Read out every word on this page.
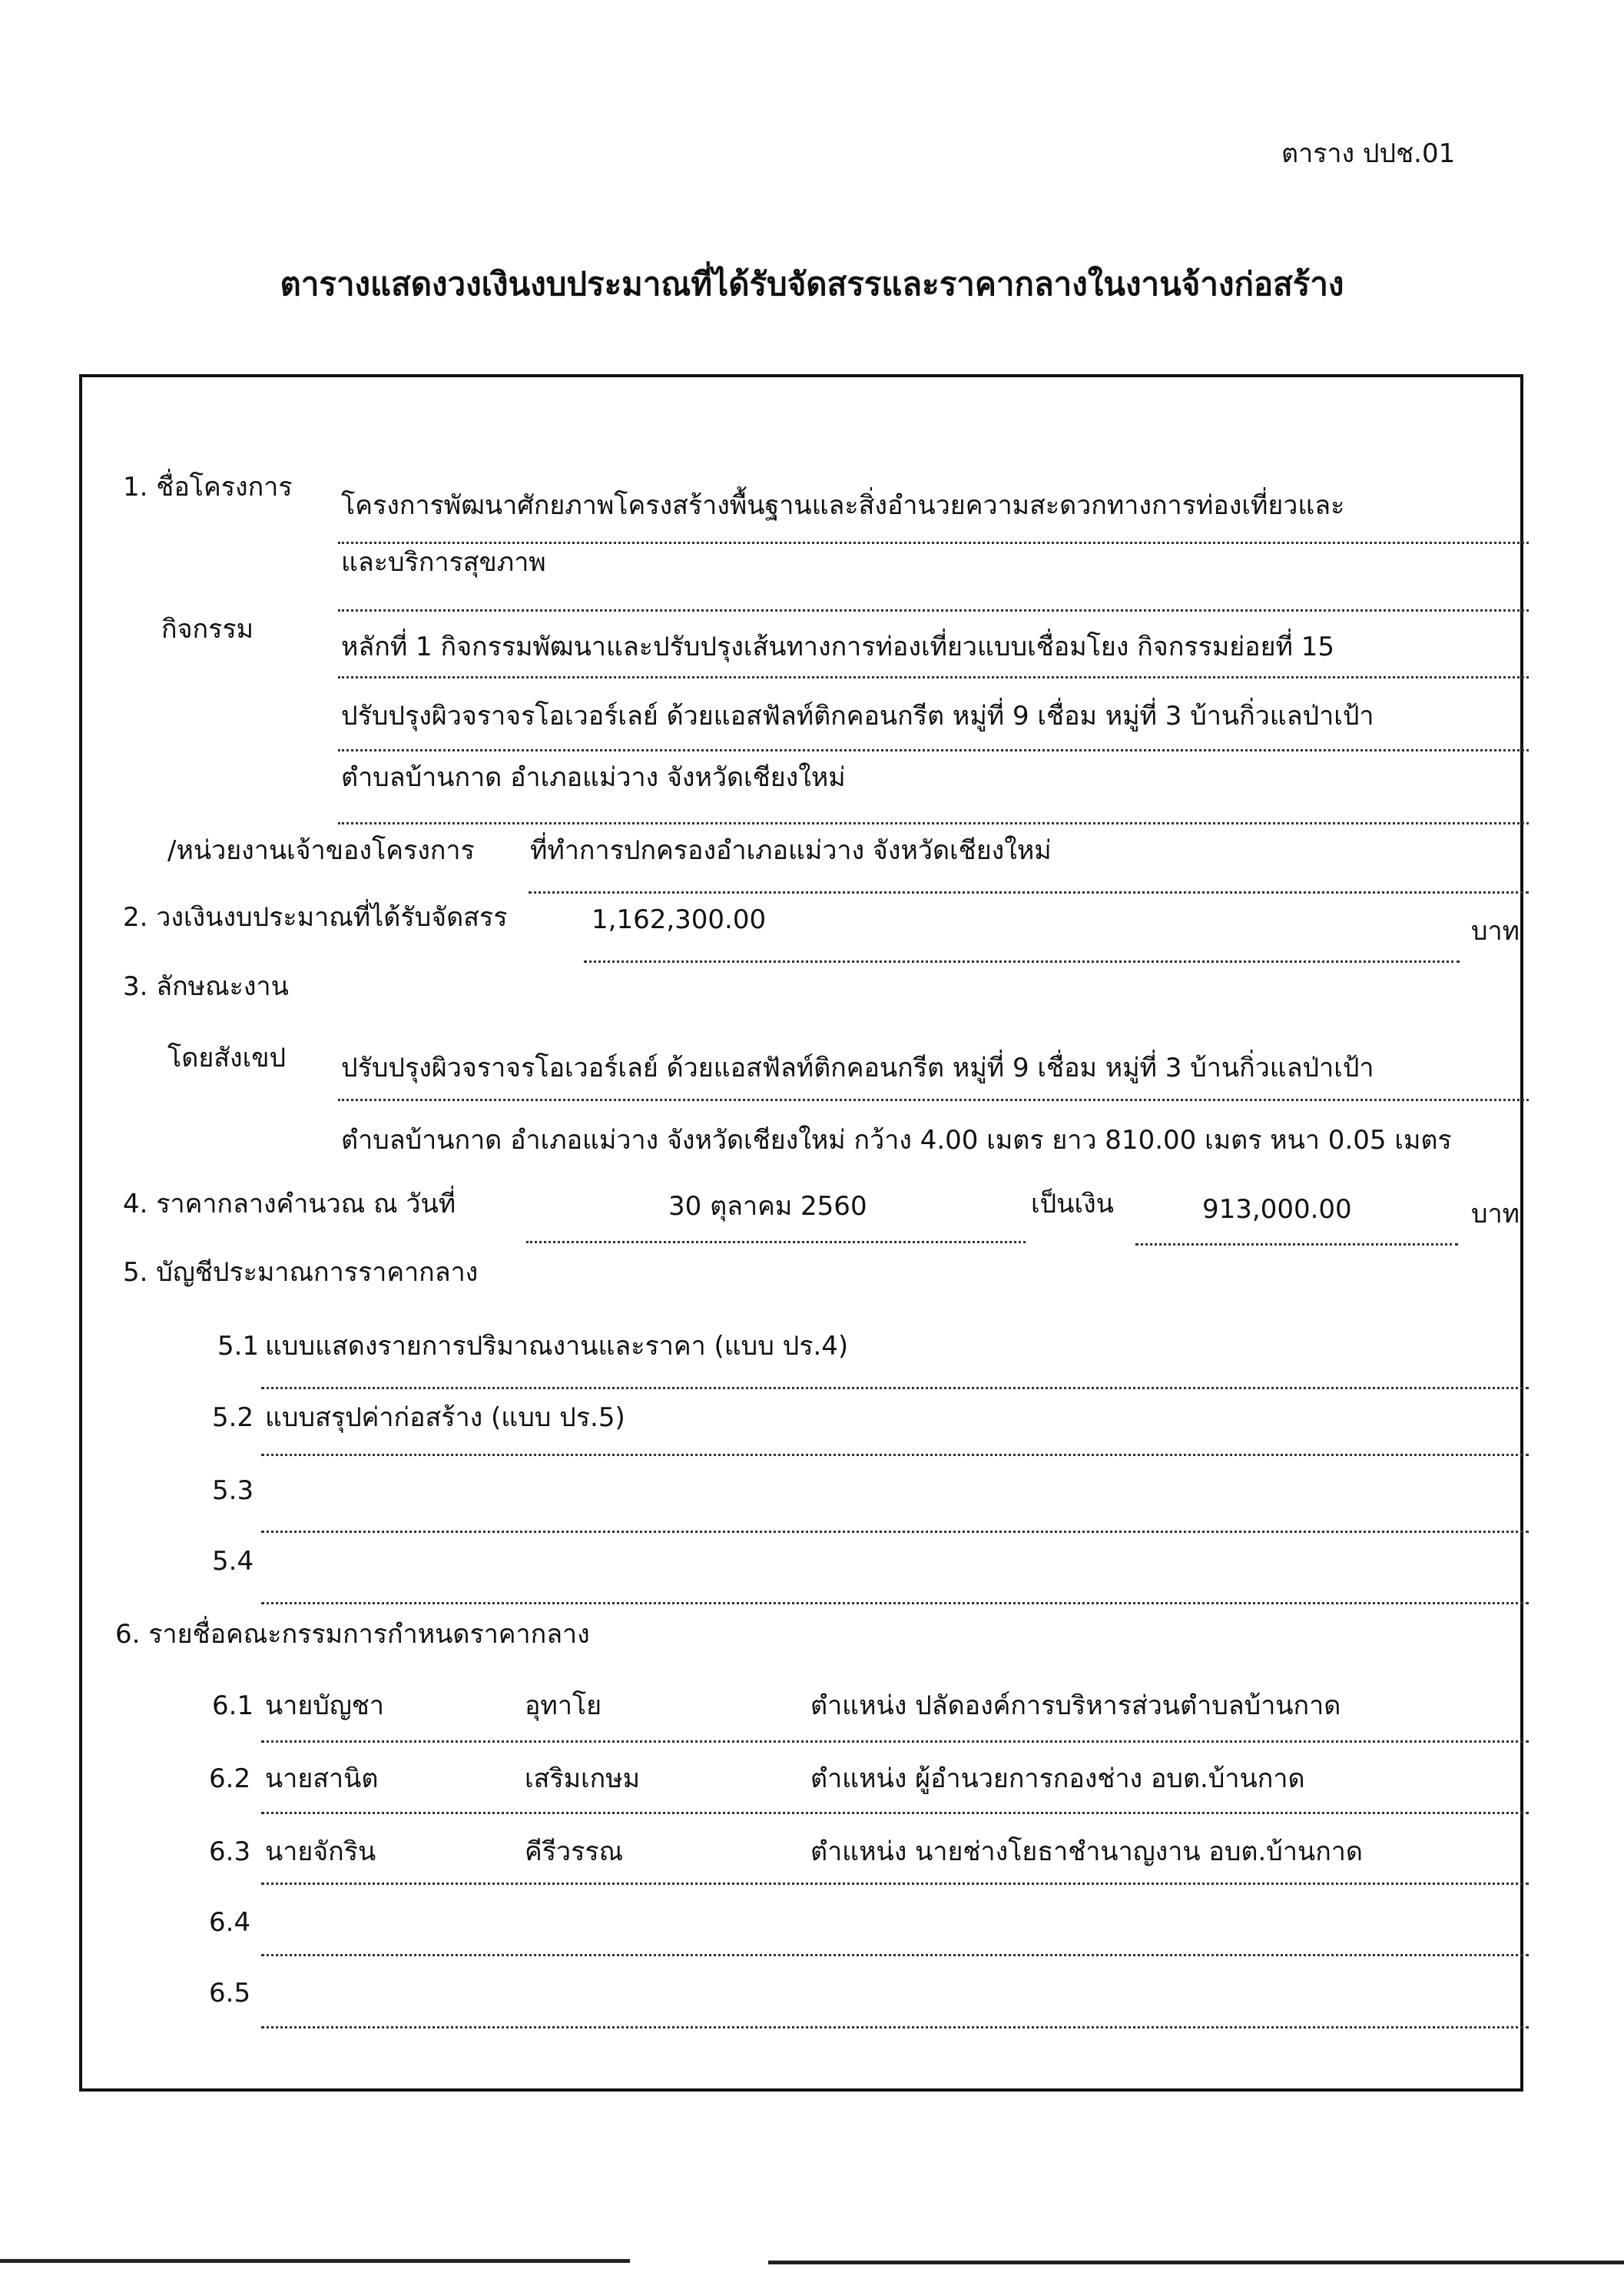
ตาราง ปปช.01
ตารางแสดงวงเงินงบประมาณที่ได้รับจัดสรรและราคากลางในงานจ้างก่อสร้าง
1. ชื่อโครงการ
โครงการพัฒนาศักยภาพโครงสร้างพื้นฐานและสิ่งอำนวยความสะดวกทางการท่องเที่ยวและ
และบริการสุขภาพ
กิจกรรม
หลักที่ 1 กิจกรรมพัฒนาและปรับปรุงเส้นทางการท่องเที่ยวแบบเชื่อมโยง กิจกรรมย่อยที่ 15
ปรับปรุงผิวจราจรโอเวอร์เลย์ ด้วยแอสฟัลท์ติกคอนกรีต หมู่ที่ 9 เชื่อม หมู่ที่ 3 บ้านกิ่วแลป่าเป้า
ตำบลบ้านกาด อำเภอแม่วาง จังหวัดเชียงใหม่
/หน่วยงานเจ้าของโครงการ ที่ทำการปกครองอำเภอแม่วาง จังหวัดเชียงใหม่
2. วงเงินงบประมาณที่ได้รับจัดสรร	1,162,300.00	บาท
3. ลักษณะงาน
โดยสังเขป ปรับปรุงผิวจราจรโอเวอร์เลย์ ด้วยแอสฟัลท์ติกคอนกรีต หมู่ที่ 9 เชื่อม หมู่ที่ 3 บ้านกิ่วแลป่าเป้า
ตำบลบ้านกาด อำเภอแม่วาง จังหวัดเชียงใหม่ กว้าง 4.00 เมตร ยาว 810.00 เมตร หนา 0.05 เมตร
4. ราคากลางคำนวณ ณ วันที่	30 ตุลาคม 2560	เป็นเงิน	913,000.00	บาท
5. บัญชีประมาณการราคากลาง
5.1 แบบแสดงรายการปริมาณงานและราคา (แบบ ปร.4)
5.2 แบบสรุปค่าก่อสร้าง (แบบ ปร.5)
5.3
5.4
6. รายชื่อคณะกรรมการกำหนดราคากลาง
6.1 นายบัญชา	อุทาโย	ตำแหน่ง ปลัดองค์การบริหารส่วนตำบลบ้านกาด
6.2 นายสานิต	เสริมเกษม	ตำแหน่ง ผู้อำนวยการกองช่าง อบต.บ้านกาด
6.3 นายจักริน	คีรีวรรณ	ตำแหน่ง นายช่างโยธาชำนาญงาน อบต.บ้านกาด
6.4
6.5
